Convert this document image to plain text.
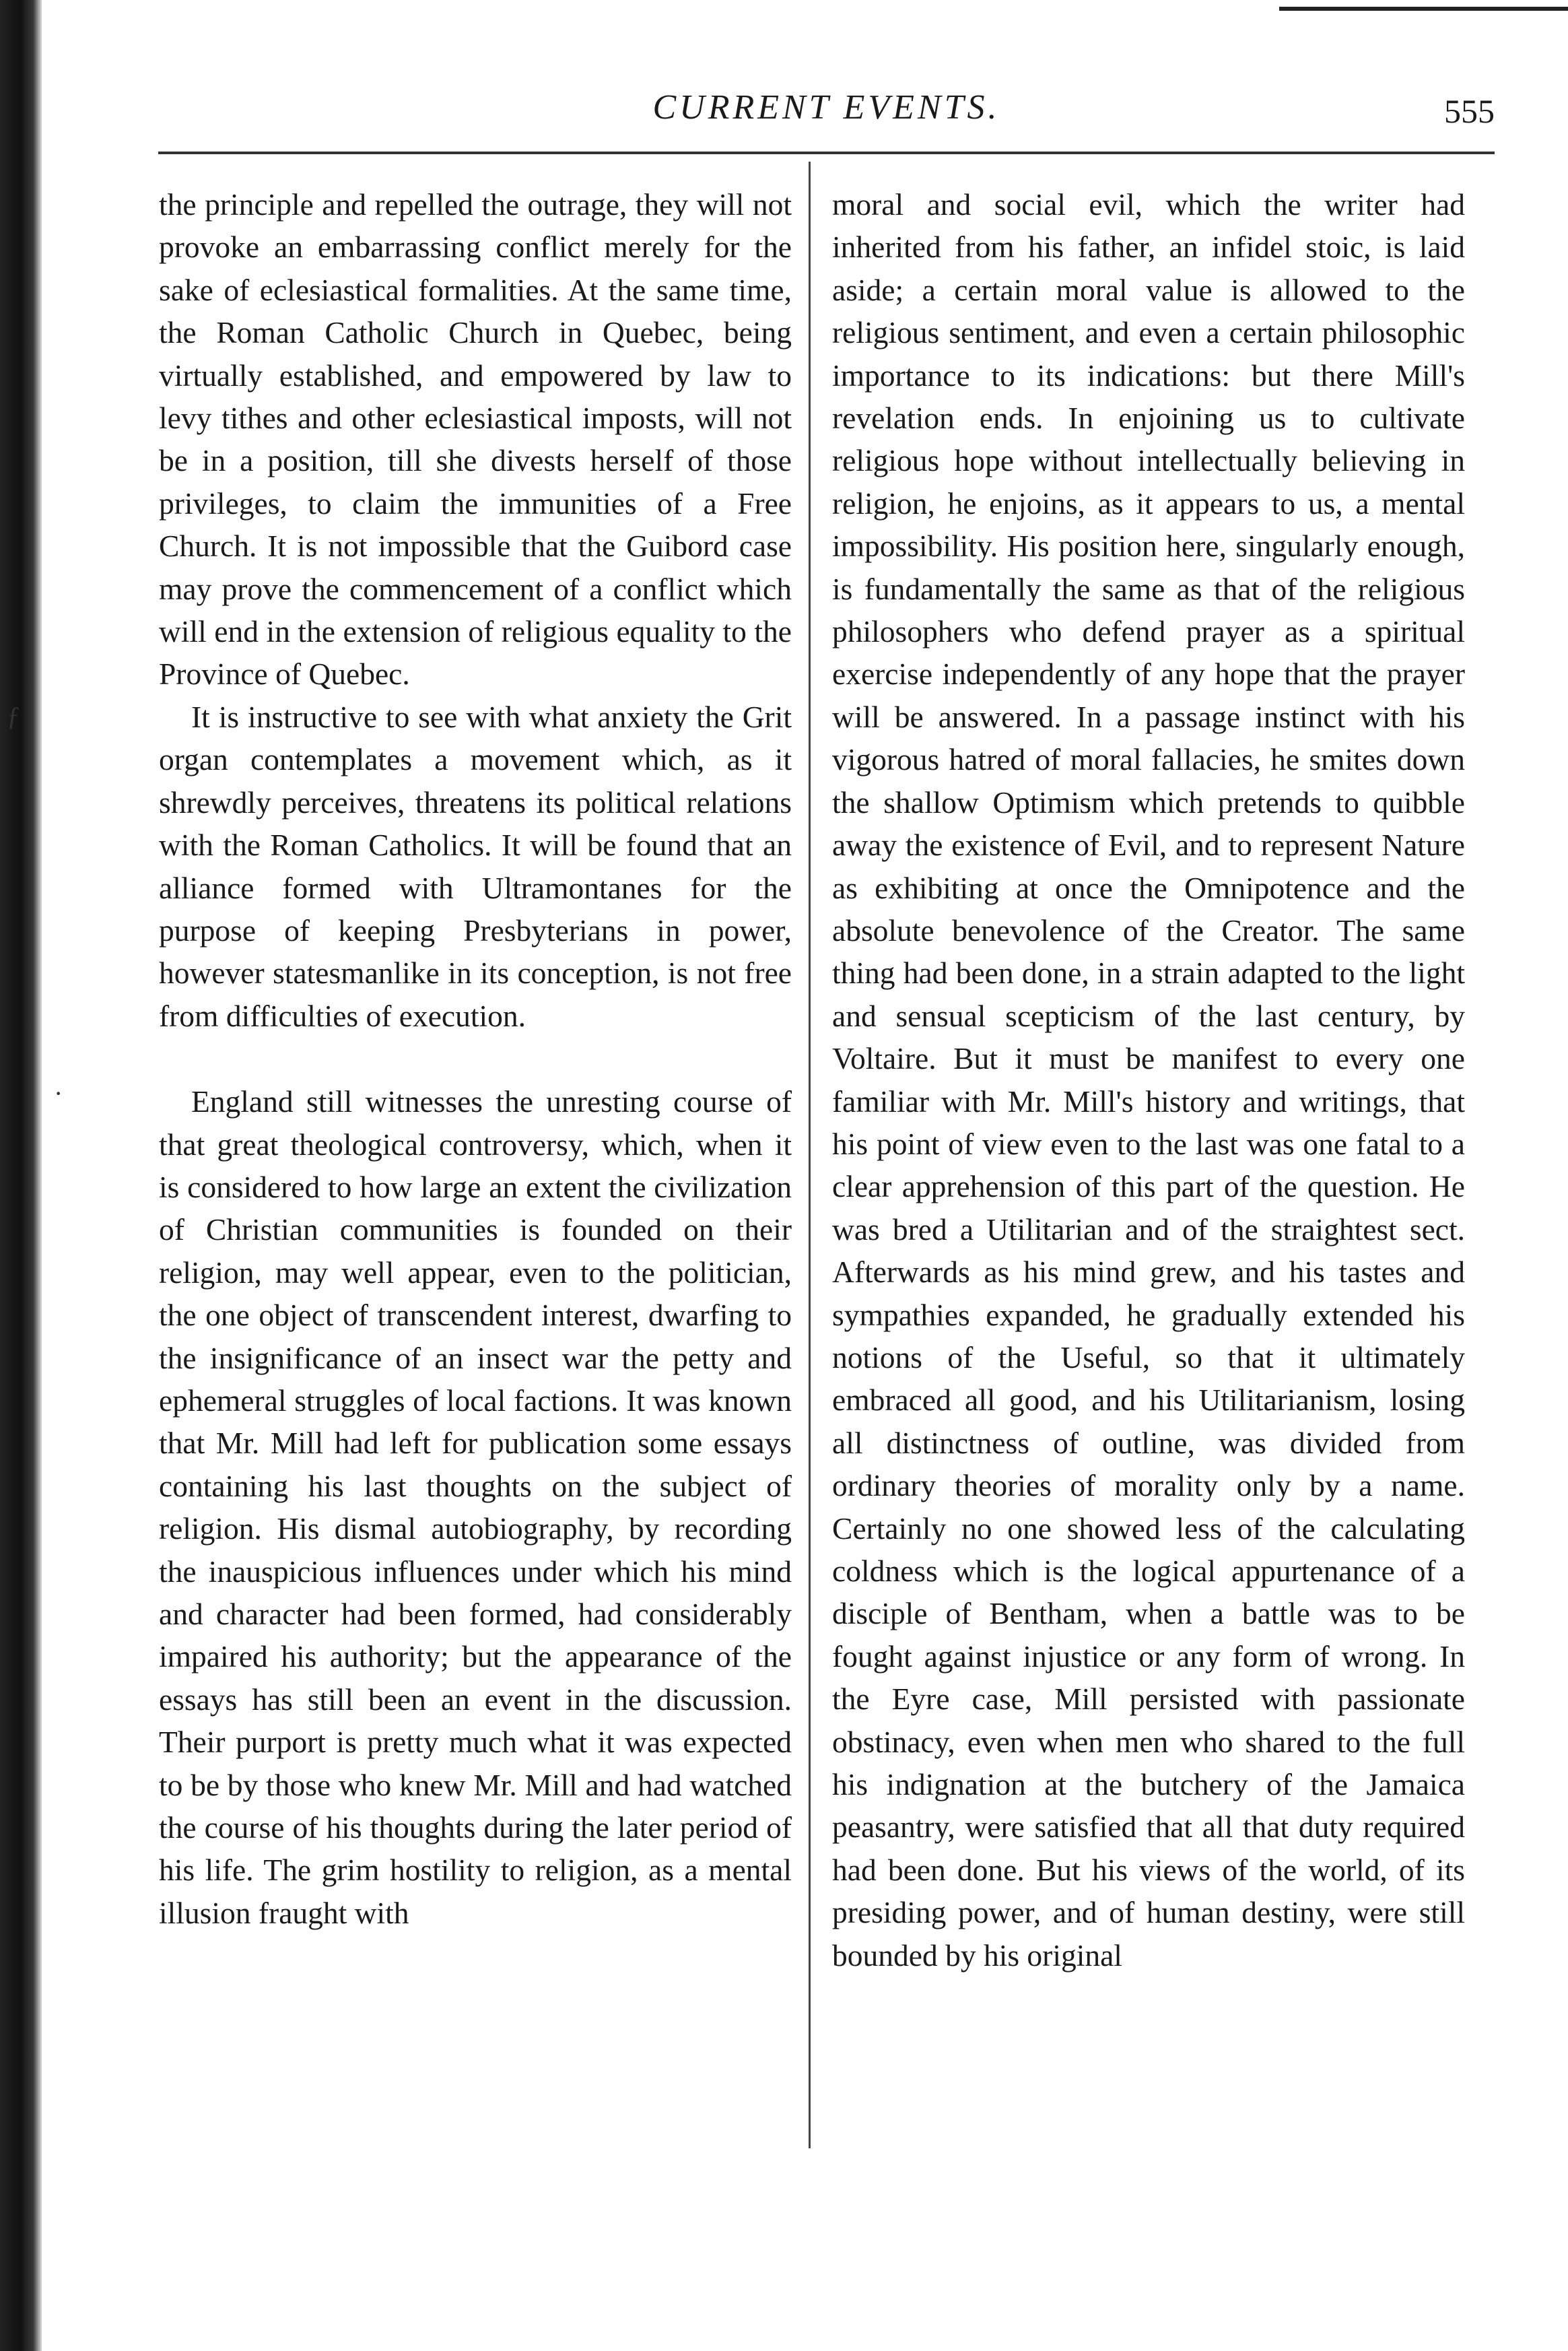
CURRENT EVENTS.	555

the principle and repelled the outrage, they will not provoke an embarrassing conflict merely for the sake of eclesiastical formalities. At the same time, the Roman Catholic Church in Quebec, being virtually established, and empowered by law to levy tithes and other eclesiastical imposts, will not be in a position, till she divests herself of those privileges, to claim the immunities of a Free Church. It is not impossible that the Guibord case may prove the commencement of a conflict which will end in the extension of religious equality to the Province of Quebec.

It is instructive to see with what anxiety the Grit organ contemplates a movement which, as it shrewdly perceives, threatens its political relations with the Roman Catholics. It will be found that an alliance formed with Ultramontanes for the purpose of keeping Presbyterians in power, however statesmanlike in its conception, is not free from difficulties of execution.

England still witnesses the unresting course of that great theological controversy, which, when it is considered to how large an extent the civilization of Christian communities is founded on their religion, may well appear, even to the politician, the one object of transcendent interest, dwarfing to the insignificance of an insect war the petty and ephemeral struggles of local factions. It was known that Mr. Mill had left for publication some essays containing his last thoughts on the subject of religion. His dismal autobiography, by recording the inauspicious influences under which his mind and character had been formed, had considerably impaired his authority; but the appearance of the essays has still been an event in the discussion. Their purport is pretty much what it was expected to be by those who knew Mr. Mill and had watched the course of his thoughts during the later period of his life. The grim hostility to religion, as a mental illusion fraught with

moral and social evil, which the writer had inherited from his father, an infidel stoic, is laid aside; a certain moral value is allowed to the religious sentiment, and even a certain philosophic importance to its indications: but there Mill's revelation ends. In enjoining us to cultivate religious hope without intellectually believing in religion, he enjoins, as it appears to us, a mental impossibility. His position here, singularly enough, is fundamentally the same as that of the religious philosophers who defend prayer as a spiritual exercise independently of any hope that the prayer will be answered. In a passage instinct with his vigorous hatred of moral fallacies, he smites down the shallow Optimism which pretends to quibble away the existence of Evil, and to represent Nature as exhibiting at once the Omnipotence and the absolute benevolence of the Creator. The same thing had been done, in a strain adapted to the light and sensual scepticism of the last century, by Voltaire. But it must be manifest to every one familiar with Mr. Mill's history and writings, that his point of view even to the last was one fatal to a clear apprehension of this part of the question. He was bred a Utilitarian and of the straightest sect. Afterwards as his mind grew, and his tastes and sympathies expanded, he gradually extended his notions of the Useful, so that it ultimately embraced all good, and his Utilitarianism, losing all distinctness of outline, was divided from ordinary theories of morality only by a name. Certainly no one showed less of the calculating coldness which is the logical appurtenance of a disciple of Bentham, when a battle was to be fought against injustice or any form of wrong. In the Eyre case, Mill persisted with passionate obstinacy, even when men who shared to the full his indignation at the butchery of the Jamaica peasantry, were satisfied that all that duty required had been done. But his views of the world, of its presiding power, and of human destiny, were still bounded by his original

ƒ
·
